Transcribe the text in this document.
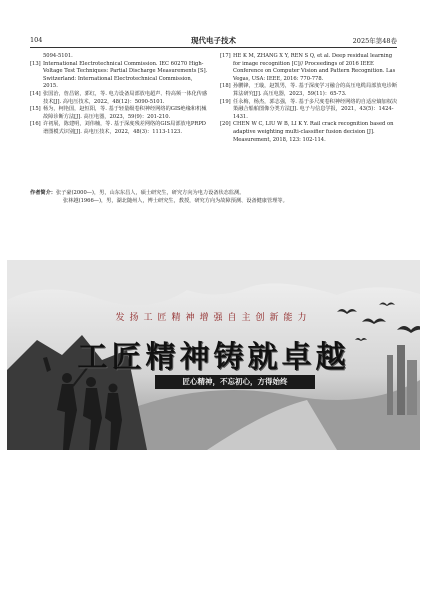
104	现代电子技术	2025年第48卷

5094-5101.

[13] International Electrotechnical Commission. IEC 60270 High-Voltage Test Techniques: Partial Discharge Measurements [S]. Switzerland: International Electrotechnical Commission, 2015.

[14] 张国治，詹昌铭，郭红，等. 电力设备局部放电超声、特高频一体化传感技术[J]. 高电压技术，2022，48(12)：5090-5101.

[15] 杨为，柯艳国，赵恒阳，等. 基于轻量级卷积神经网络的GIS绝缘和机械故障诊断方法[J]. 高压电器，2023，59(9)：201-210.

[16] 许初展，陈建明，刘伟楠，等. 基于深度残差网络的GIS局部放电PRPD谱图模式识别[J]. 高电压技术，2022，48(3)：1113-1123.

[17] HE K M, ZHANG X Y, REN S Q, et al. Deep residual learning for image recognition [C]// Proceedings of 2016 IEEE Conference on Computer Vision and Pattern Recognition. Las Vegas, USA: IEEE, 2016: 770-778.

[18] 孙鹏锋，王璇，赵凯男，等. 基于深度学习融合的高压电缆局部放电诊断算法研究[J]. 高压电器，2023，59(11)：65-73.

[19] 任永梅，杨杰，郭志强，等. 基于多尺度卷积神经网络的自适应熵加权决策融合船舶图像分类方法[J]. 电子与信息学报，2021，43(5)：1424-1431.

[20] CHEN W C, LIU W B, LI K Y. Rail crack recognition based on adaptive weighting multi-classifier fusion decision [J]. Measurement, 2018, 123: 102-114.

作者简介：张子豪(2000—)，男，山东东昌人，硕士研究生，研究方向为电力设备状态监测。
张林越(1966—)，男，湖北随州人，博士研究生，教授，研究方向为故障预测、设备健康管理等。
发扬工匠精神增强自主创新能力
工匠精神铸就卓越
匠心精神，不忘初心，方得始终
